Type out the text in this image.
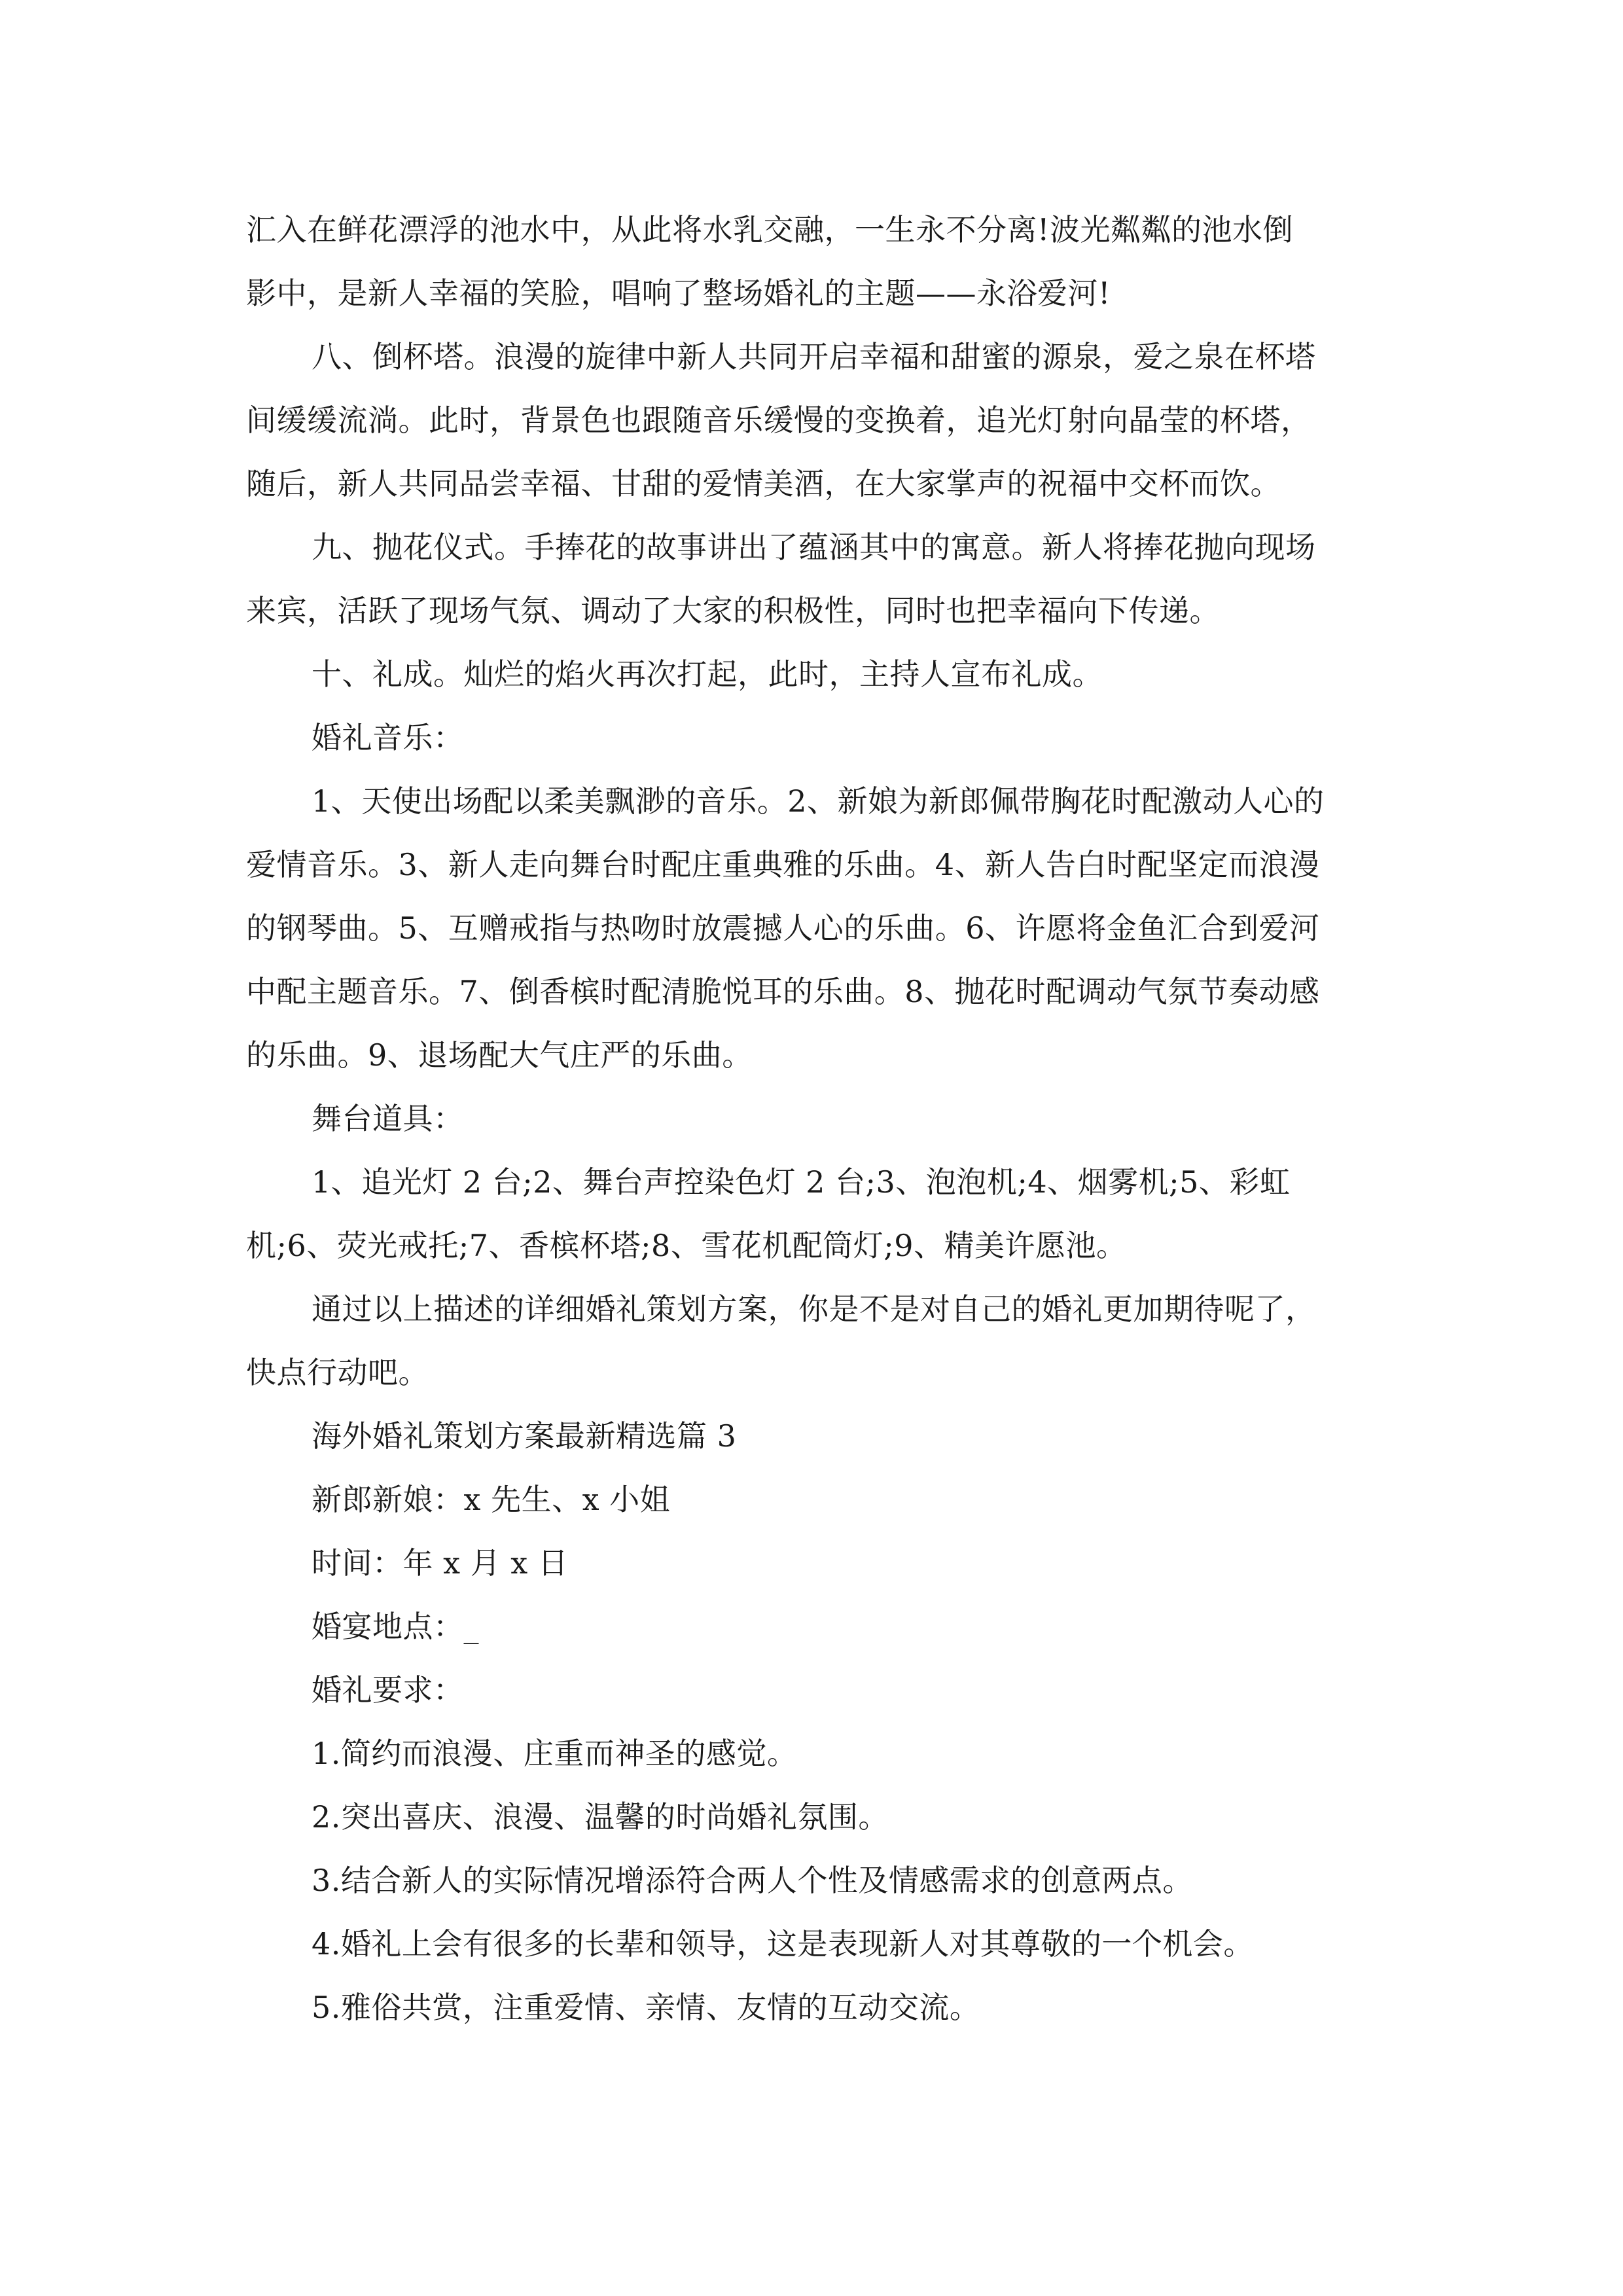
汇入在鲜花漂浮的池水中，从此将水乳交融，一生永不分离!波光粼粼的池水倒
影中，是新人幸福的笑脸，唱响了整场婚礼的主题——永浴爱河!

八、倒杯塔。浪漫的旋律中新人共同开启幸福和甜蜜的源泉，爱之泉在杯塔
间缓缓流淌。此时，背景色也跟随音乐缓慢的变换着，追光灯射向晶莹的杯塔，
随后，新人共同品尝幸福、甘甜的爱情美酒，在大家掌声的祝福中交杯而饮。

九、抛花仪式。手捧花的故事讲出了蕴涵其中的寓意。新人将捧花抛向现场
来宾，活跃了现场气氛、调动了大家的积极性，同时也把幸福向下传递。

十、礼成。灿烂的焰火再次打起，此时，主持人宣布礼成。

婚礼音乐：

1、天使出场配以柔美飘渺的音乐。2、新娘为新郎佩带胸花时配激动人心的
爱情音乐。3、新人走向舞台时配庄重典雅的乐曲。4、新人告白时配坚定而浪漫
的钢琴曲。5、互赠戒指与热吻时放震撼人心的乐曲。6、许愿将金鱼汇合到爱河
中配主题音乐。7、倒香槟时配清脆悦耳的乐曲。8、抛花时配调动气氛节奏动感
的乐曲。9、退场配大气庄严的乐曲。

舞台道具：

1、追光灯 2 台;2、舞台声控染色灯 2 台;3、泡泡机;4、烟雾机;5、彩虹
机;6、荧光戒托;7、香槟杯塔;8、雪花机配筒灯;9、精美许愿池。

通过以上描述的详细婚礼策划方案，你是不是对自己的婚礼更加期待呢了，
快点行动吧。

海外婚礼策划方案最新精选篇 3

新郎新娘：x 先生、x 小姐

时间：年 x 月 x 日

婚宴地点：_

婚礼要求：

1.简约而浪漫、庄重而神圣的感觉。

2.突出喜庆、浪漫、温馨的时尚婚礼氛围。

3.结合新人的实际情况增添符合两人个性及情感需求的创意两点。

4.婚礼上会有很多的长辈和领导，这是表现新人对其尊敬的一个机会。

5.雅俗共赏，注重爱情、亲情、友情的互动交流。
